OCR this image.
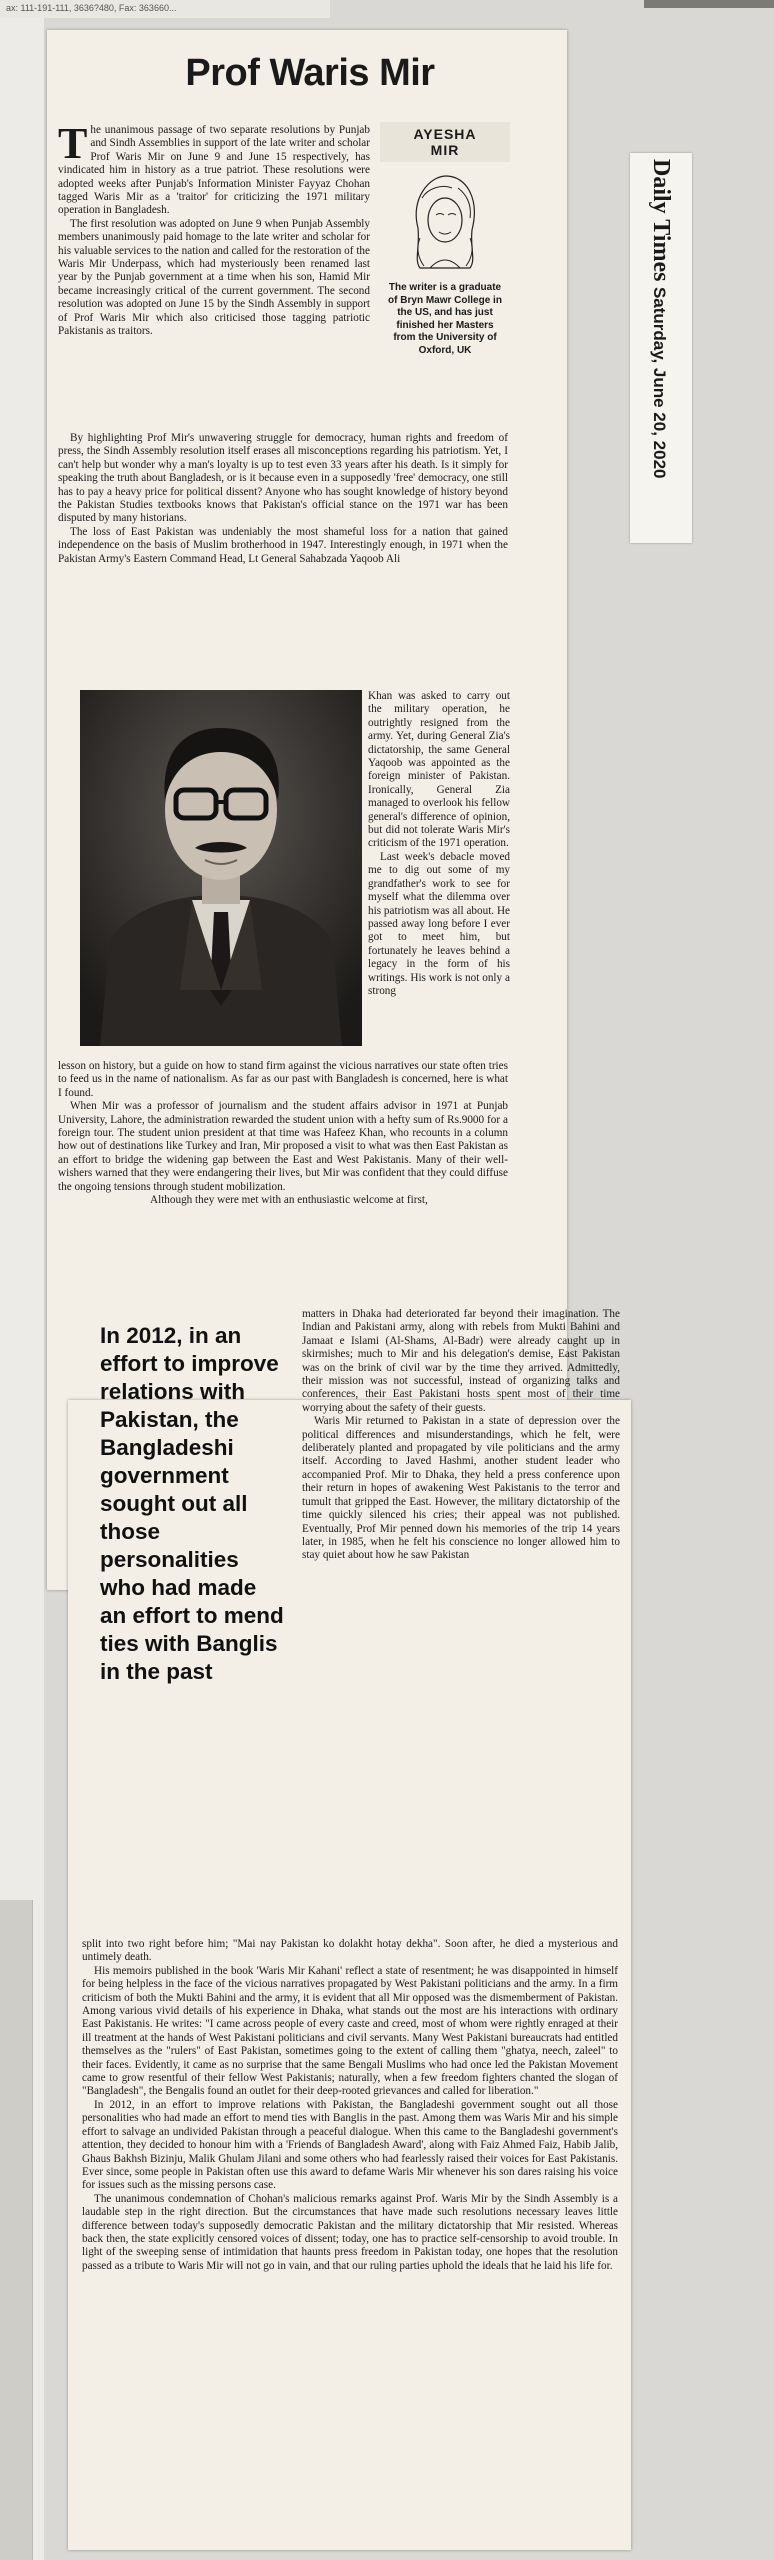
ax: 111-191-111, 3636?480, Fax: 363660...
Prof Waris Mir
AYESHA
MIR
The writer is a graduate of Bryn Mawr College in the US, and has just finished her Masters from the University of Oxford, UK

The unanimous passage of two separate resolutions by Punjab and Sindh Assemblies in support of the late writer and scholar Prof Waris Mir on June 9 and June 15 respectively, has vindicated him in history as a true patriot. These resolutions were adopted weeks after Punjab's Information Minister Fayyaz Chohan tagged Waris Mir as a 'traitor' for criticizing the 1971 military operation in Bangladesh.

The first resolution was adopted on June 9 when Punjab Assembly members unanimously paid homage to the late writer and scholar for his valuable services to the nation and called for the restoration of the Waris Mir Underpass, which had mysteriously been renamed last year by the Punjab government at a time when his son, Hamid Mir became increasingly critical of the current government. The second resolution was adopted on June 15 by the Sindh Assembly in support of Prof Waris Mir which also criticised those tagging patriotic Pakistanis as traitors.

By highlighting Prof Mir's unwavering struggle for democracy, human rights and freedom of press, the Sindh Assembly resolution itself erases all misconceptions regarding his patriotism. Yet, I can't help but wonder why a man's loyalty is up to test even 33 years after his death. Is it simply for speaking the truth about Bangladesh, or is it because even in a supposedly 'free' democracy, one still has to pay a heavy price for political dissent? Anyone who has sought knowledge of history beyond the Pakistan Studies textbooks knows that Pakistan's official stance on the 1971 war has been disputed by many historians.

The loss of East Pakistan was undeniably the most shameful loss for a nation that gained independence on the basis of Muslim brotherhood in 1947. Interestingly enough, in 1971 when the Pakistan Army's Eastern Command Head, Lt General Sahabzada Yaqoob Ali

Khan was asked to carry out the military operation, he outrightly resigned from the army. Yet, during General Zia's dictatorship, the same General Yaqoob was appointed as the foreign minister of Pakistan. Ironically, General Zia managed to overlook his fellow general's difference of opinion, but did not tolerate Waris Mir's criticism of the 1971 operation.

Last week's debacle moved me to dig out some of my grandfather's work to see for myself what the dilemma over his patriotism was all about. He passed away long before I ever got to meet him, but fortunately he leaves behind a legacy in the form of his writings. His work is not only a strong

lesson on history, but a guide on how to stand firm against the vicious narratives our state often tries to feed us in the name of nationalism. As far as our past with Bangladesh is concerned, here is what I found.

When Mir was a professor of journalism and the student affairs advisor in 1971 at Punjab University, Lahore, the administration rewarded the student union with a hefty sum of Rs.9000 for a foreign tour. The student union president at that time was Hafeez Khan, who recounts in a column how out of destinations like Turkey and Iran, Mir proposed a visit to what was then East Pakistan as an effort to bridge the widening gap between the East and West Pakistanis. Many of their well-wishers warned that they were endangering their lives, but Mir was confident that they could diffuse the ongoing tensions through student mobilization.

Although they were met with an enthusiastic welcome at first,

In 2012, in an effort to improve relations with Pakistan, the Bangladeshi government sought out all those personalities who had made an effort to mend ties with Banglis in the past

matters in Dhaka had deteriorated far beyond their imagination. The Indian and Pakistani army, along with rebels from Mukti Bahini and Jamaat e Islami (Al-Shams, Al-Badr) were already caught up in skirmishes; much to Mir and his delegation's demise, East Pakistan was on the brink of civil war by the time they arrived. Admittedly, their mission was not successful, instead of organizing talks and conferences, their East Pakistani hosts spent most of their time worrying about the safety of their guests.

Waris Mir returned to Pakistan in a state of depression over the political differences and misunderstandings, which he felt, were deliberately planted and propagated by vile politicians and the army itself. According to Javed Hashmi, another student leader who accompanied Prof. Mir to Dhaka, they held a press conference upon their return in hopes of awakening West Pakistanis to the terror and tumult that gripped the East. However, the military dictatorship of the time quickly silenced his cries; their appeal was not published. Eventually, Prof Mir penned down his memories of the trip 14 years later, in 1985, when he felt his conscience no longer allowed him to stay quiet about how he saw Pakistan

split into two right before him; "Mai nay Pakistan ko dolakht hotay dekha". Soon after, he died a mysterious and untimely death.

His memoirs published in the book 'Waris Mir Kahani' reflect a state of resentment; he was disappointed in himself for being helpless in the face of the vicious narratives propagated by West Pakistani politicians and the army. In a firm criticism of both the Mukti Bahini and the army, it is evident that all Mir opposed was the dismemberment of Pakistan. Among various vivid details of his experience in Dhaka, what stands out the most are his interactions with ordinary East Pakistanis. He writes: "I came across people of every caste and creed, most of whom were rightly enraged at their ill treatment at the hands of West Pakistani politicians and civil servants. Many West Pakistani bureaucrats had entitled themselves as the "rulers" of East Pakistan, sometimes going to the extent of calling them "ghatya, neech, zaleel" to their faces. Evidently, it came as no surprise that the same Bengali Muslims who had once led the Pakistan Movement came to grow resentful of their fellow West Pakistanis; naturally, when a few freedom fighters chanted the slogan of "Bangladesh", the Bengalis found an outlet for their deep-rooted grievances and called for liberation."

In 2012, in an effort to improve relations with Pakistan, the Bangladeshi government sought out all those personalities who had made an effort to mend ties with Banglis in the past. Among them was Waris Mir and his simple effort to salvage an undivided Pakistan through a peaceful dialogue. When this came to the Bangladeshi government's attention, they decided to honour him with a 'Friends of Bangladesh Award', along with Faiz Ahmed Faiz, Habib Jalib, Ghaus Bakhsh Bizinju, Malik Ghulam Jilani and some others who had fearlessly raised their voices for East Pakistanis. Ever since, some people in Pakistan often use this award to defame Waris Mir whenever his son dares raising his voice for issues such as the missing persons case.

The unanimous condemnation of Chohan's malicious remarks against Prof. Waris Mir by the Sindh Assembly is a laudable step in the right direction. But the circumstances that have made such resolutions necessary leaves little difference between today's supposedly democratic Pakistan and the military dictatorship that Mir resisted. Whereas back then, the state explicitly censored voices of dissent; today, one has to practice self-censorship to avoid trouble. In light of the sweeping sense of intimidation that haunts press freedom in Pakistan today, one hopes that the resolution passed as a tribute to Waris Mir will not go in vain, and that our ruling parties uphold the ideals that he laid his life for.

Daily Times Saturday, June 20, 2020
